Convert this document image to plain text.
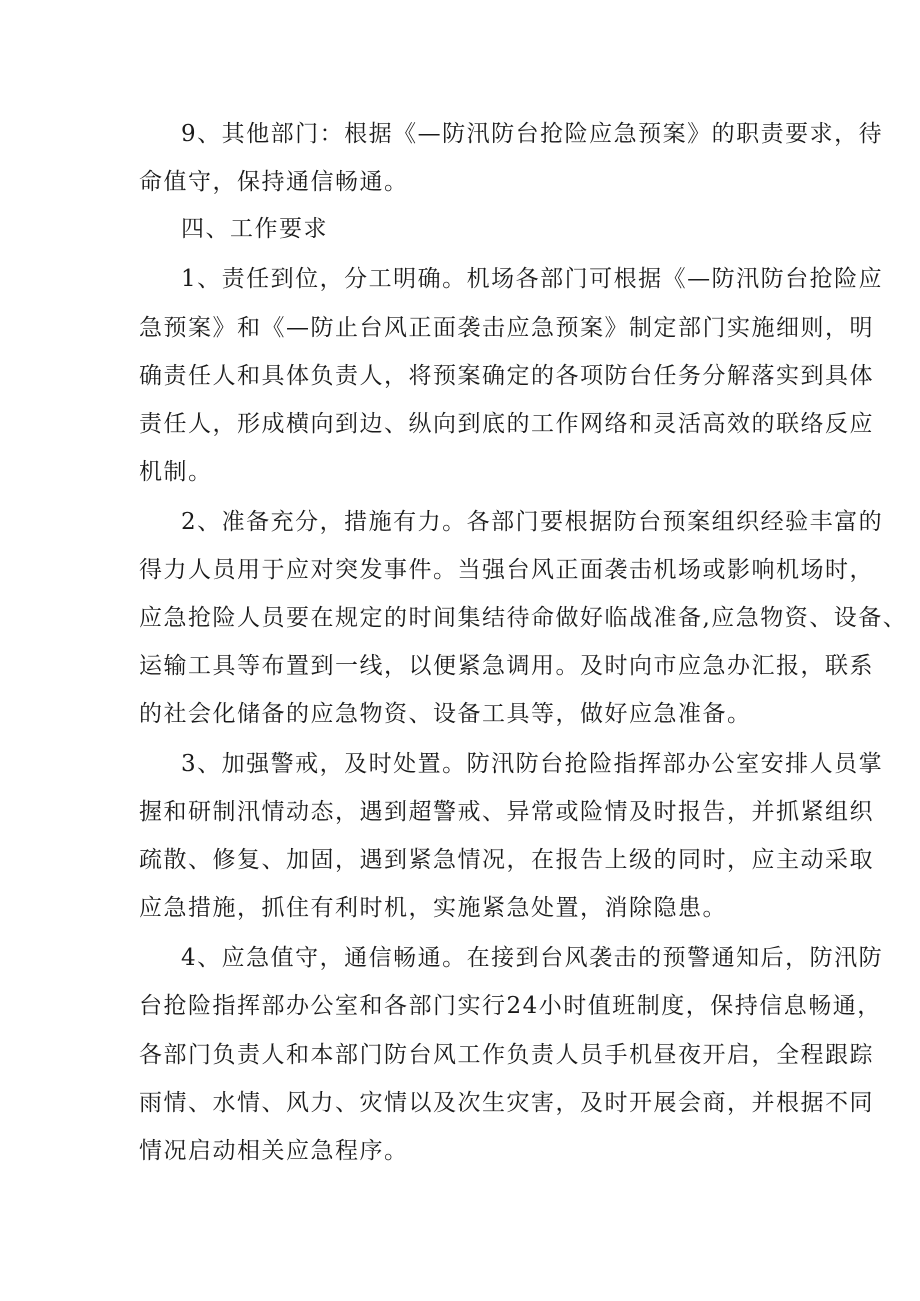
9、其他部门：根据《—防汛防台抢险应急预案》的职责要求，待
命值守，保持通信畅通。
四、工作要求
1、责任到位，分工明确。机场各部门可根据《—防汛防台抢险应
急预案》和《—防止台风正面袭击应急预案》制定部门实施细则，明
确责任人和具体负责人，将预案确定的各项防台任务分解落实到具体
责任人，形成横向到边、纵向到底的工作网络和灵活高效的联络反应
机制。
2、准备充分，措施有力。各部门要根据防台预案组织经验丰富的
得力人员用于应对突发事件。当强台风正面袭击机场或影响机场时，
应急抢险人员要在规定的时间集结待命做好临战准备,应急物资、设备、
运输工具等布置到一线，以便紧急调用。及时向市应急办汇报，联系
的社会化储备的应急物资、设备工具等，做好应急准备。
3、加强警戒，及时处置。防汛防台抢险指挥部办公室安排人员掌
握和研制汛情动态，遇到超警戒、异常或险情及时报告，并抓紧组织
疏散、修复、加固，遇到紧急情况，在报告上级的同时，应主动采取
应急措施，抓住有利时机，实施紧急处置，消除隐患。
4、应急值守，通信畅通。在接到台风袭击的预警通知后，防汛防
台抢险指挥部办公室和各部门实行24小时值班制度，保持信息畅通，
各部门负责人和本部门防台风工作负责人员手机昼夜开启，全程跟踪
雨情、水情、风力、灾情以及次生灾害，及时开展会商，并根据不同
情况启动相关应急程序。
